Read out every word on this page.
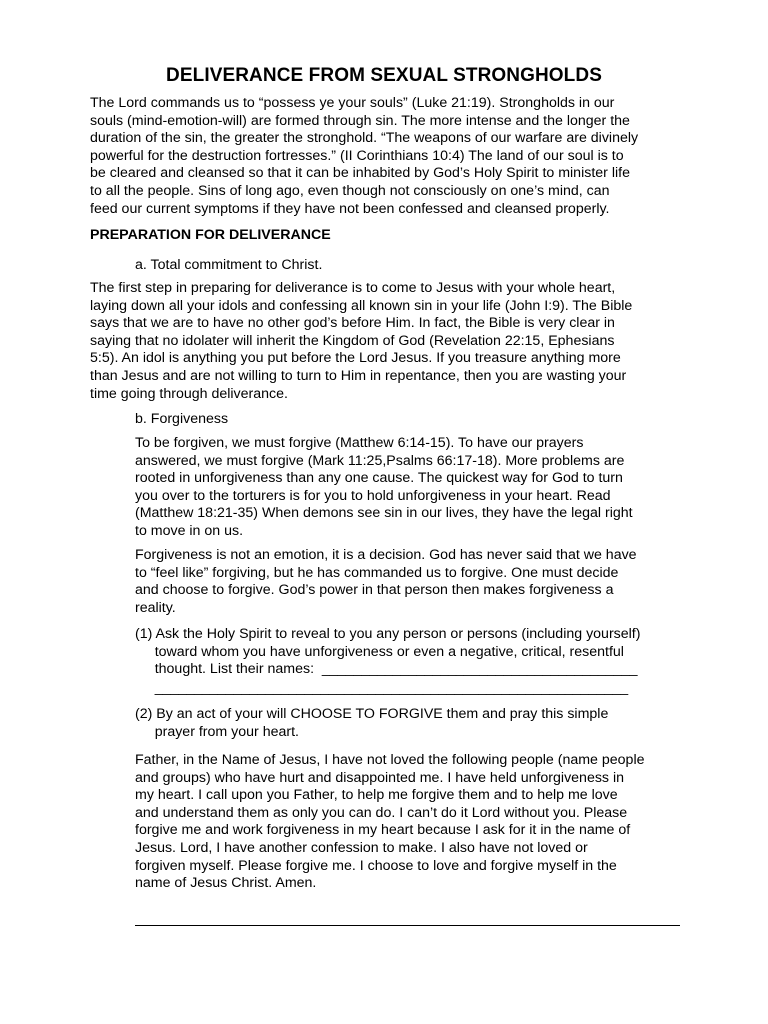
DELIVERANCE FROM SEXUAL STRONGHOLDS

The Lord commands us to “possess ye your souls” (Luke 21:19). Strongholds in our
souls (mind-emotion-will) are formed through sin. The more intense and the longer the
duration of the sin, the greater the stronghold. “The weapons of our warfare are divinely
powerful for the destruction fortresses.” (II Corinthians 10:4) The land of our soul is to
be cleared and cleansed so that it can be inhabited by God’s Holy Spirit to minister life
to all the people. Sins of long ago, even though not consciously on one’s mind, can
feed our current symptoms if they have not been confessed and cleansed properly.

PREPARATION FOR DELIVERANCE
a. Total commitment to Christ.

The first step in preparing for deliverance is to come to Jesus with your whole heart,
laying down all your idols and confessing all known sin in your life (John I:9). The Bible
says that we are to have no other god’s before Him. In fact, the Bible is very clear in
saying that no idolater will inherit the Kingdom of God (Revelation 22:15, Ephesians
5:5). An idol is anything you put before the Lord Jesus. If you treasure anything more
than Jesus and are not willing to turn to Him in repentance, then you are wasting your
time going through deliverance.

b. Forgiveness

To be forgiven, we must forgive (Matthew 6:14-15). To have our prayers
answered, we must forgive (Mark 11:25,Psalms 66:17-18). More problems are
rooted in unforgiveness than any one cause. The quickest way for God to turn
you over to the torturers is for you to hold unforgiveness in your heart. Read
(Matthew 18:21-35) When demons see sin in our lives, they have the legal right
to move in on us.

Forgiveness is not an emotion, it is a decision. God has never said that we have
to “feel like” forgiving, but he has commanded us to forgive. One must decide
and choose to forgive. God’s power in that person then makes forgiveness a
reality.

(1) Ask the Holy Spirit to reveal to you any person or persons (including yourself)
toward whom you have unforgiveness or even a negative, critical, resentful
thought. List their names:  ________________________________________

____________________________________________________________

(2) By an act of your will CHOOSE TO FORGIVE them and pray this simple
prayer from your heart.

Father, in the Name of Jesus, I have not loved the following people (name people
and groups) who have hurt and disappointed me. I have held unforgiveness in
my heart. I call upon you Father, to help me forgive them and to help me love
and understand them as only you can do. I can’t do it Lord without you. Please
forgive me and work forgiveness in my heart because I ask for it in the name of
Jesus. Lord, I have another confession to make. I also have not loved or
forgiven myself. Please forgive me. I choose to love and forgive myself in the
name of Jesus Christ. Amen.
